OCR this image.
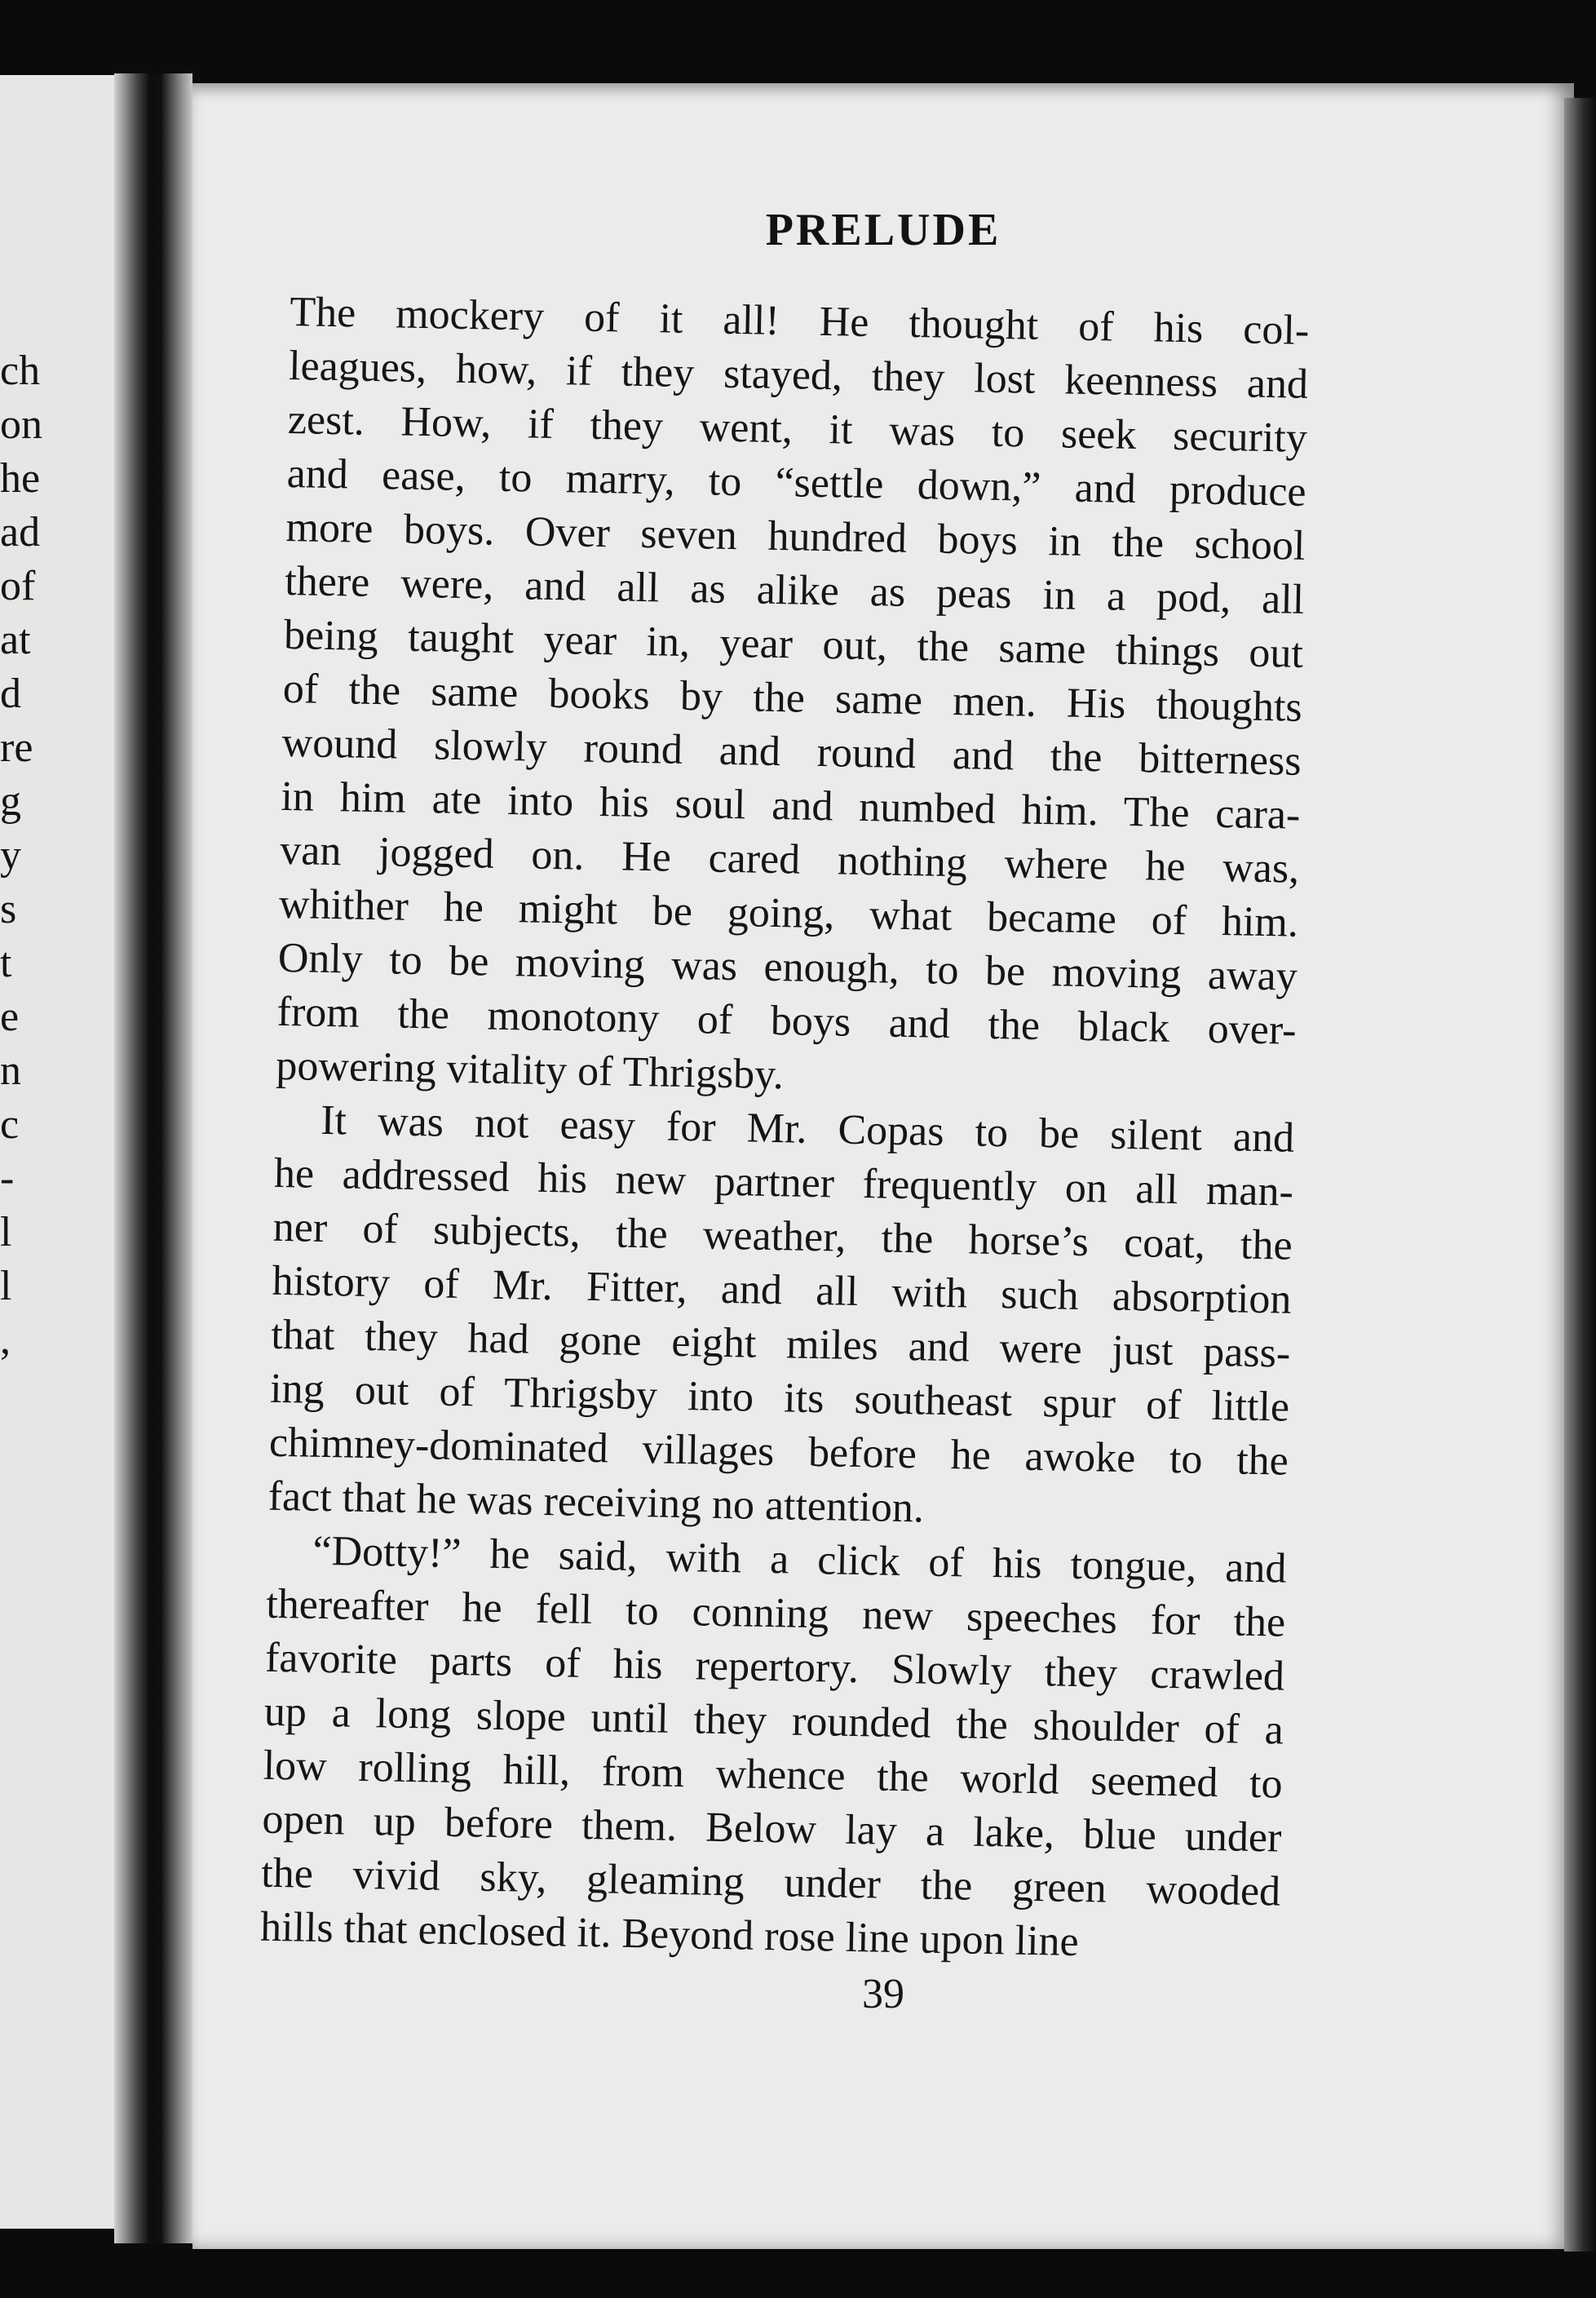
ch
on
he
ad
of
at
d
re
g
y
s
t
e
n
c
-
l
l
,
PRELUDE

The mockery of it all! He thought of his col-
leagues, how, if they stayed, they lost keenness and
zest. How, if they went, it was to seek security
and ease, to marry, to “settle down,” and produce
more boys. Over seven hundred boys in the school
there were, and all as alike as peas in a pod, all
being taught year in, year out, the same things out
of the same books by the same men. His thoughts
wound slowly round and round and the bitterness
in him ate into his soul and numbed him. The cara-
van jogged on. He cared nothing where he was,
whither he might be going, what became of him.
Only to be moving was enough, to be moving away
from the monotony of boys and the black over-
powering vitality of Thrigsby.

It was not easy for Mr. Copas to be silent and
he addressed his new partner frequently on all man-
ner of subjects, the weather, the horse’s coat, the
history of Mr. Fitter, and all with such absorption
that they had gone eight miles and were just pass-
ing out of Thrigsby into its southeast spur of little
chimney-dominated villages before he awoke to the
fact that he was receiving no attention.

“Dotty!” he said, with a click of his tongue, and
thereafter he fell to conning new speeches for the
favorite parts of his repertory. Slowly they crawled
up a long slope until they rounded the shoulder of a
low rolling hill, from whence the world seemed to
open up before them. Below lay a lake, blue under
the vivid sky, gleaming under the green wooded
hills that enclosed it. Beyond rose line upon line

39
